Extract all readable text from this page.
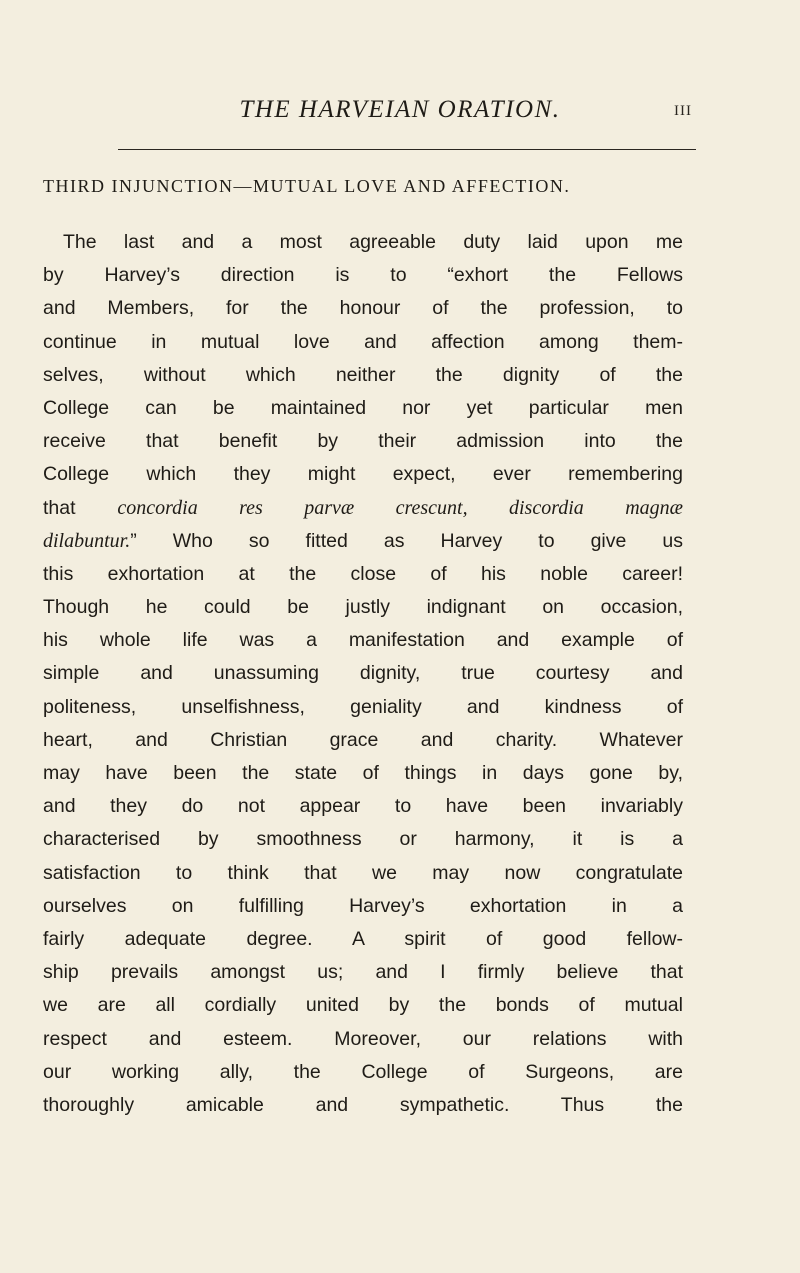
THE HARVEIAN ORATION.	III
THIRD INJUNCTION—MUTUAL LOVE AND AFFECTION.
The last and a most agreeable duty laid upon me
by Harvey’s direction is to “exhort the Fellows
and Members, for the honour of the profession, to
continue in mutual love and affection among them-
selves, without which neither the dignity of the
College can be maintained nor yet particular men
receive that benefit by their admission into the
College which they might expect, ever remembering
that concordia res parvæ crescunt, discordia magnæ
dilabuntur.” Who so fitted as Harvey to give us
this exhortation at the close of his noble career!
Though he could be justly indignant on occasion,
his whole life was a manifestation and example of
simple and unassuming dignity, true courtesy and
politeness, unselfishness, geniality and kindness of
heart, and Christian grace and charity. Whatever
may have been the state of things in days gone by,
and they do not appear to have been invariably
characterised by smoothness or harmony, it is a
satisfaction to think that we may now congratulate
ourselves on fulfilling Harvey’s exhortation in a
fairly adequate degree. A spirit of good fellow-
ship prevails amongst us; and I firmly believe that
we are all cordially united by the bonds of mutual
respect and esteem. Moreover, our relations with
our working ally, the College of Surgeons, are
thoroughly amicable and sympathetic. Thus the
